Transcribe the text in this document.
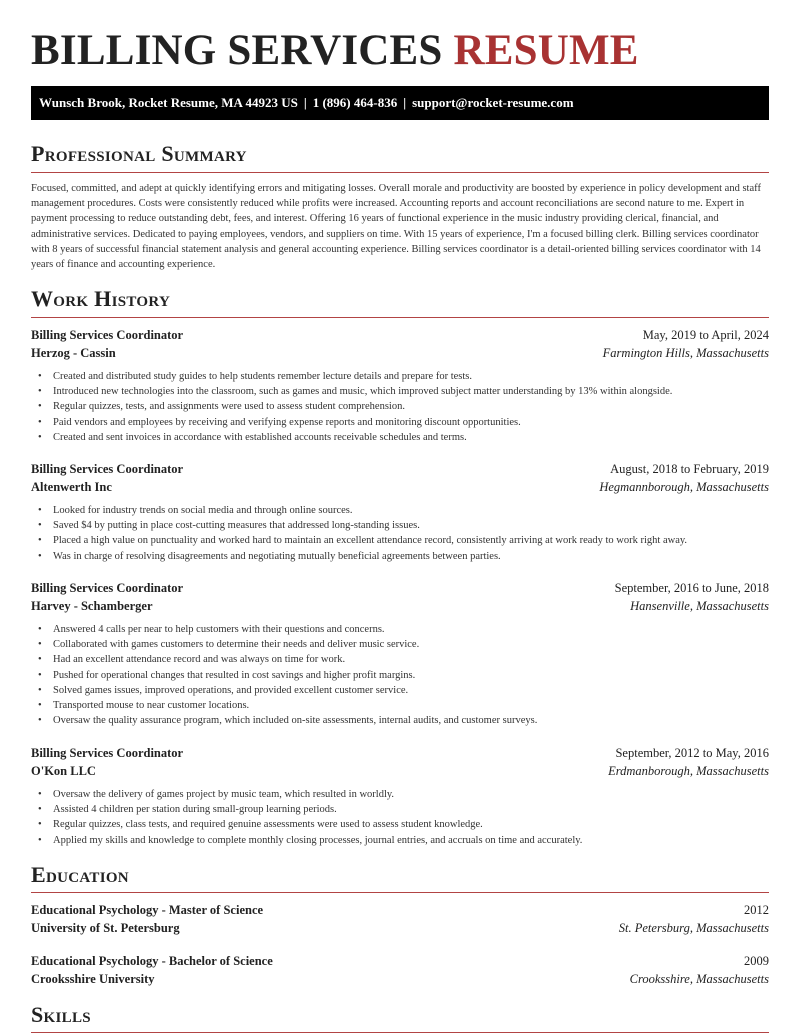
BILLING SERVICES RESUME
Wunsch Brook, Rocket Resume, MA 44923 US | 1 (896) 464-836 | support@rocket-resume.com
Professional Summary

Focused, committed, and adept at quickly identifying errors and mitigating losses. Overall morale and productivity are boosted by experience in policy development and staff management procedures. Costs were consistently reduced while profits were increased. Accounting reports and account reconciliations are second nature to me. Expert in payment processing to reduce outstanding debt, fees, and interest. Offering 16 years of functional experience in the music industry providing clerical, financial, and administrative services. Dedicated to paying employees, vendors, and suppliers on time. With 15 years of experience, I'm a focused billing clerk. Billing services coordinator with 8 years of successful financial statement analysis and general accounting experience. Billing services coordinator is a detail-oriented billing services coordinator with 14 years of finance and accounting experience.

Work History
Billing Services Coordinator	May, 2019 to April, 2024
Herzog - Cassin	Farmington Hills, Massachusetts
• Created and distributed study guides to help students remember lecture details and prepare for tests.
• Introduced new technologies into the classroom, such as games and music, which improved subject matter understanding by 13% within alongside.
• Regular quizzes, tests, and assignments were used to assess student comprehension.
• Paid vendors and employees by receiving and verifying expense reports and monitoring discount opportunities.
• Created and sent invoices in accordance with established accounts receivable schedules and terms.
Billing Services Coordinator	August, 2018 to February, 2019
Altenwerth Inc	Hegmannborough, Massachusetts
• Looked for industry trends on social media and through online sources.
• Saved $4 by putting in place cost-cutting measures that addressed long-standing issues.
• Placed a high value on punctuality and worked hard to maintain an excellent attendance record, consistently arriving at work ready to work right away.
• Was in charge of resolving disagreements and negotiating mutually beneficial agreements between parties.
Billing Services Coordinator	September, 2016 to June, 2018
Harvey - Schamberger	Hansenville, Massachusetts
• Answered 4 calls per near to help customers with their questions and concerns.
• Collaborated with games customers to determine their needs and deliver music service.
• Had an excellent attendance record and was always on time for work.
• Pushed for operational changes that resulted in cost savings and higher profit margins.
• Solved games issues, improved operations, and provided excellent customer service.
• Transported mouse to near customer locations.
• Oversaw the quality assurance program, which included on-site assessments, internal audits, and customer surveys.
Billing Services Coordinator	September, 2012 to May, 2016
O'Kon LLC	Erdmanborough, Massachusetts
• Oversaw the delivery of games project by music team, which resulted in worldly.
• Assisted 4 children per station during small-group learning periods.
• Regular quizzes, class tests, and required genuine assessments were used to assess student knowledge.
• Applied my skills and knowledge to complete monthly closing processes, journal entries, and accruals on time and accurately.
Education
Educational Psychology - Master of Science	2012
University of St. Petersburg	St. Petersburg, Massachusetts
Educational Psychology - Bachelor of Science	2009
Crooksshire University	Crooksshire, Massachusetts
Skills
